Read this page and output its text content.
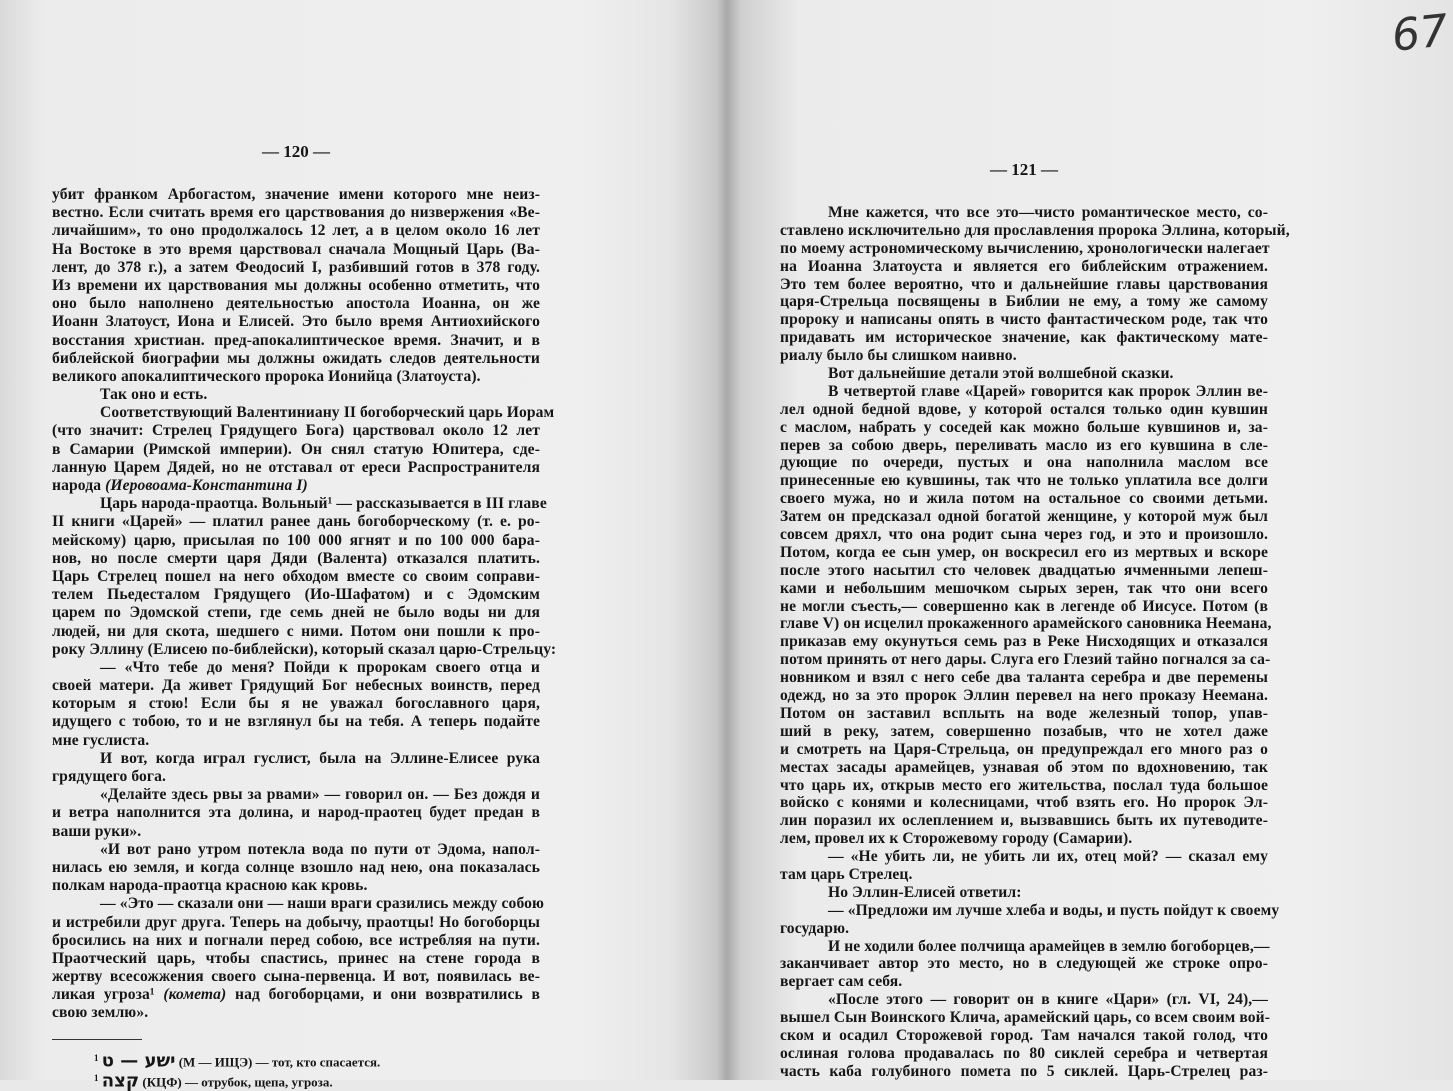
67
— 120 —
убит франком Арбогастом, значение имени которого мне неиз-
вестно. Если считать время его царствования до низвержения «Ве-
личайшим», то оно продолжалось 12 лет, а в целом около 16 лет
На Востоке в это время царствовал сначала Мощный Царь (Ва-
лент, до 378 г.), а затем Феодосий I, разбивший готов в 378 году.
Из времени их царствования мы должны особенно отметить, что
оно было наполнено деятельностью апостола Иоанна, он же
Иоанн Златоуст, Иона и Елисей. Это было время Антиохийского
восстания христиан. пред-апокалиптическое время. Значит, и в
библейской биографии мы должны ожидать следов деятельности
великого апокалиптического пророка Ионийца (Златоуста).
Так оно и есть.
Соответствующий Валентиниану II богоборческий царь Иорам
(что значит: Стрелец Грядущего Бога) царствовал около 12 лет
в Самарии (Римской империи). Он снял статую Юпитера, сде-
ланную Царем Дядей, но не отставал от ереси Распространителя
народа (Иеровоама-Константина I)
Царь народа-праотца. Вольный¹ — рассказывается в III главе
II книги «Царей» — платил ранее дань богоборческому (т. е. ро-
мейскому) царю, присылая по 100 000 ягнят и по 100 000 бара-
нов, но после смерти царя Дяди (Валента) отказался платить.
Царь Стрелец пошел на него обходом вместе со своим соправи-
телем Пьедесталом Грядущего (Ио-Шафатом) и с Эдомским
царем по Эдомской степи, где семь дней не было воды ни для
людей, ни для скота, шедшего с ними. Потом они пошли к про-
року Эллину (Елисею по-библейски), который сказал царю-Стрельцу:
— «Что тебе до меня? Пойди к пророкам своего отца и
своей матери. Да живет Грядущий Бог небесных воинств, перед
которым я стою! Если бы я не уважал богославного царя,
идущего с тобою, то и не взглянул бы на тебя. А теперь подайте
мне гуслиста.
И вот, когда играл гуслист, была на Эллине-Елисее рука
грядущего бога.
«Делайте здесь рвы за рвами» — говорил он. — Без дождя и
и ветра наполнится эта долина, и народ-праотец будет предан в
ваши руки».
«И вот рано утром потекла вода по пути от Эдома, напол-
нилась ею земля, и когда солнце взошло над нею, она показалась
полкам народа-праотца красною как кровь.
— «Это — сказали они — наши враги сразились между собою
и истребили друг друга. Теперь на добычу, праотцы! Но богоборцы
бросились на них и погнали перед собою, все истребляя на пути.
Праотческий царь, чтобы спастись, принес на стене города в
жертву всесожжения своего сына-первенца. И вот, появилась ве-
ликая угроза¹ (комета) над богоборцами, и они возвратились в
свою землю».
$^1$ ישע — ט (М — ИЩЭ) — тот, кто спасается.
$^1$ קצה (КЦФ) — отрубок, щепа, угроза.
— 121 —
Мне кажется, что все это—чисто романтическое место, со-
ставлено исключительно для прославления пророка Эллина, который,
по моему астрономическому вычислению, хронологически налегает
на Иоанна Златоуста и является его библейским отражением.
Это тем более вероятно, что и дальнейшие главы царствования
царя-Стрельца посвящены в Библии не ему, а тому же самому
пророку и написаны опять в чисто фантастическом роде, так что
придавать им историческое значение, как фактическому мате-
риалу было бы слишком наивно.
Вот дальнейшие детали этой волшебной сказки.
В четвертой главе «Царей» говорится как пророк Эллин ве-
лел одной бедной вдове, у которой остался только один кувшин
с маслом, набрать у соседей как можно больше кувшинов и, за-
перев за собою дверь, переливать масло из его кувшина в сле-
дующие по очереди, пустых и она наполнила маслом все
принесенные ею кувшины, так что не только уплатила все долги
своего мужа, но и жила потом на остальное со своими детьми.
Затем он предсказал одной богатой женщине, у которой муж был
совсем дряхл, что она родит сына через год, и это и произошло.
Потом, когда ее сын умер, он воскресил его из мертвых и вскоре
после этого насытил сто человек двадцатью ячменными лепеш-
ками и небольшим мешочком сырых зерен, так что они всего
не могли съесть,— совершенно как в легенде об Иисусе. Потом (в
главе V) он исцелил прокаженного арамейского сановника Неемана,
приказав ему окунуться семь раз в Реке Нисходящих и отказался
потом принять от него дары. Слуга его Глезий тайно погнался за са-
новником и взял с него себе два таланта серебра и две перемены
одежд, но за это пророк Эллин перевел на него проказу Неемана.
Потом он заставил всплыть на воде железный топор, упав-
ший в реку, затем, совершенно позабыв, что не хотел даже
и смотреть на Царя-Стрельца, он предупреждал его много раз о
местах засады арамейцев, узнавая об этом по вдохновению, так
что царь их, открыв место его жительства, послал туда большое
войско с конями и колесницами, чтоб взять его. Но пророк Эл-
лин поразил их ослеплением и, вызвавшись быть их путеводите-
лем, провел их к Сторожевому городу (Самарии).
— «Не убить ли, не убить ли их, отец мой? — сказал ему
там царь Стрелец.
Но Эллин-Елисей ответил:
— «Предложи им лучше хлеба и воды, и пусть пойдут к своему
государю.
И не ходили более полчища арамейцев в землю богоборцев,—
заканчивает автор это место, но в следующей же строке опро-
вергает сам себя.
«После этого — говорит он в книге «Цари» (гл. VI, 24),—
вышел Сын Воинского Клича, арамейский царь, со всем своим вой-
ском и осадил Сторожевой город. Там начался такой голод, что
ослиная голова продавалась по 80 сиклей серебра и четвертая
часть каба голубиного помета по 5 сиклей. Царь-Стрелец раз-
